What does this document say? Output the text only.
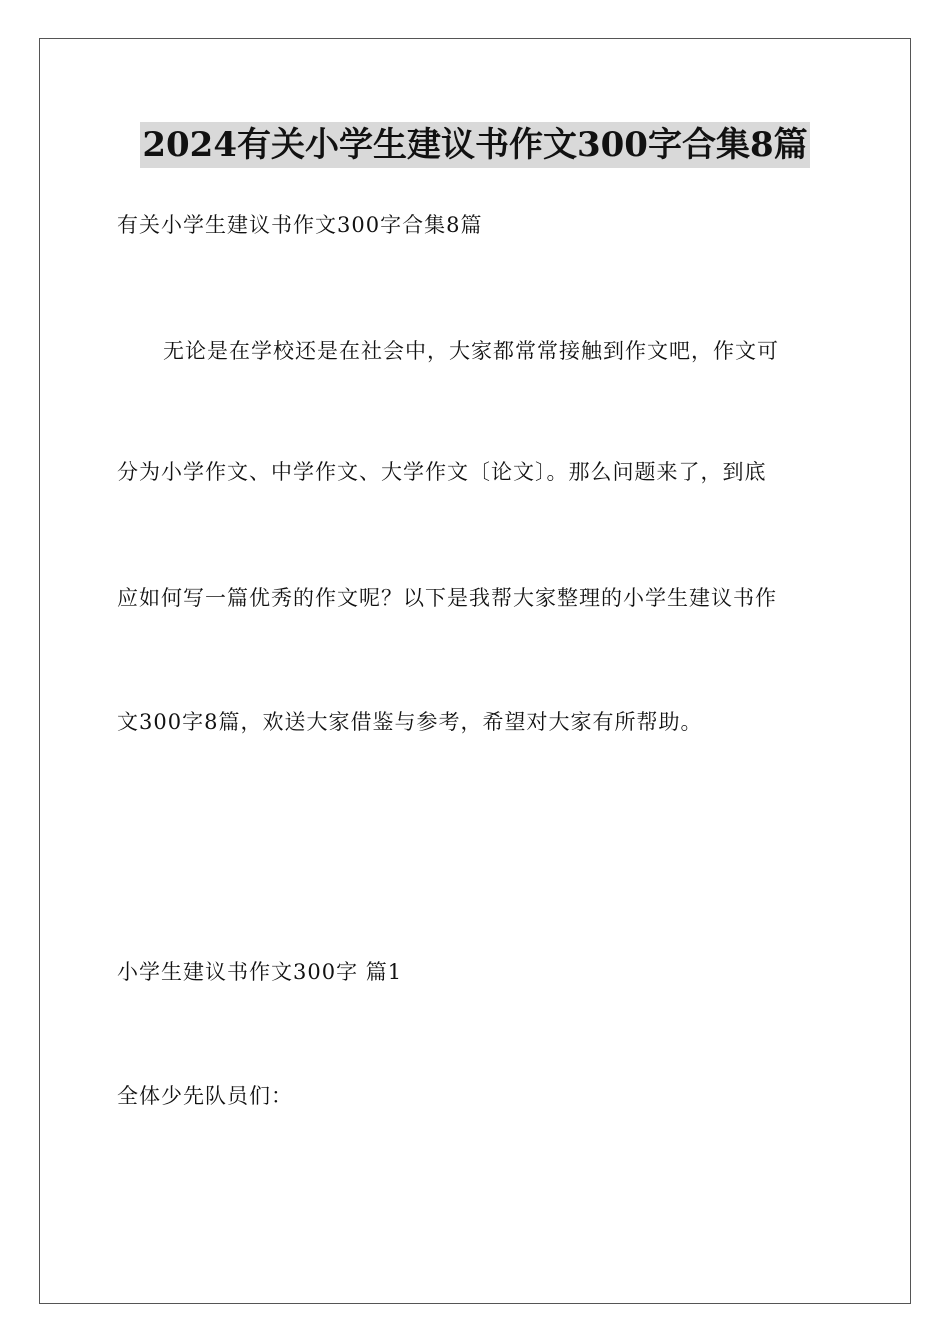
2024有关小学生建议书作文300字合集8篇
有关小学生建议书作文300字合集8篇
无论是在学校还是在社会中，大家都常常接触到作文吧，作文可
分为小学作文、中学作文、大学作文〔论文〕。那么问题来了，到底
应如何写一篇优秀的作文呢？以下是我帮大家整理的小学生建议书作
文300字8篇，欢送大家借鉴与参考，希望对大家有所帮助。
小学生建议书作文300字 篇1
全体少先队员们：
